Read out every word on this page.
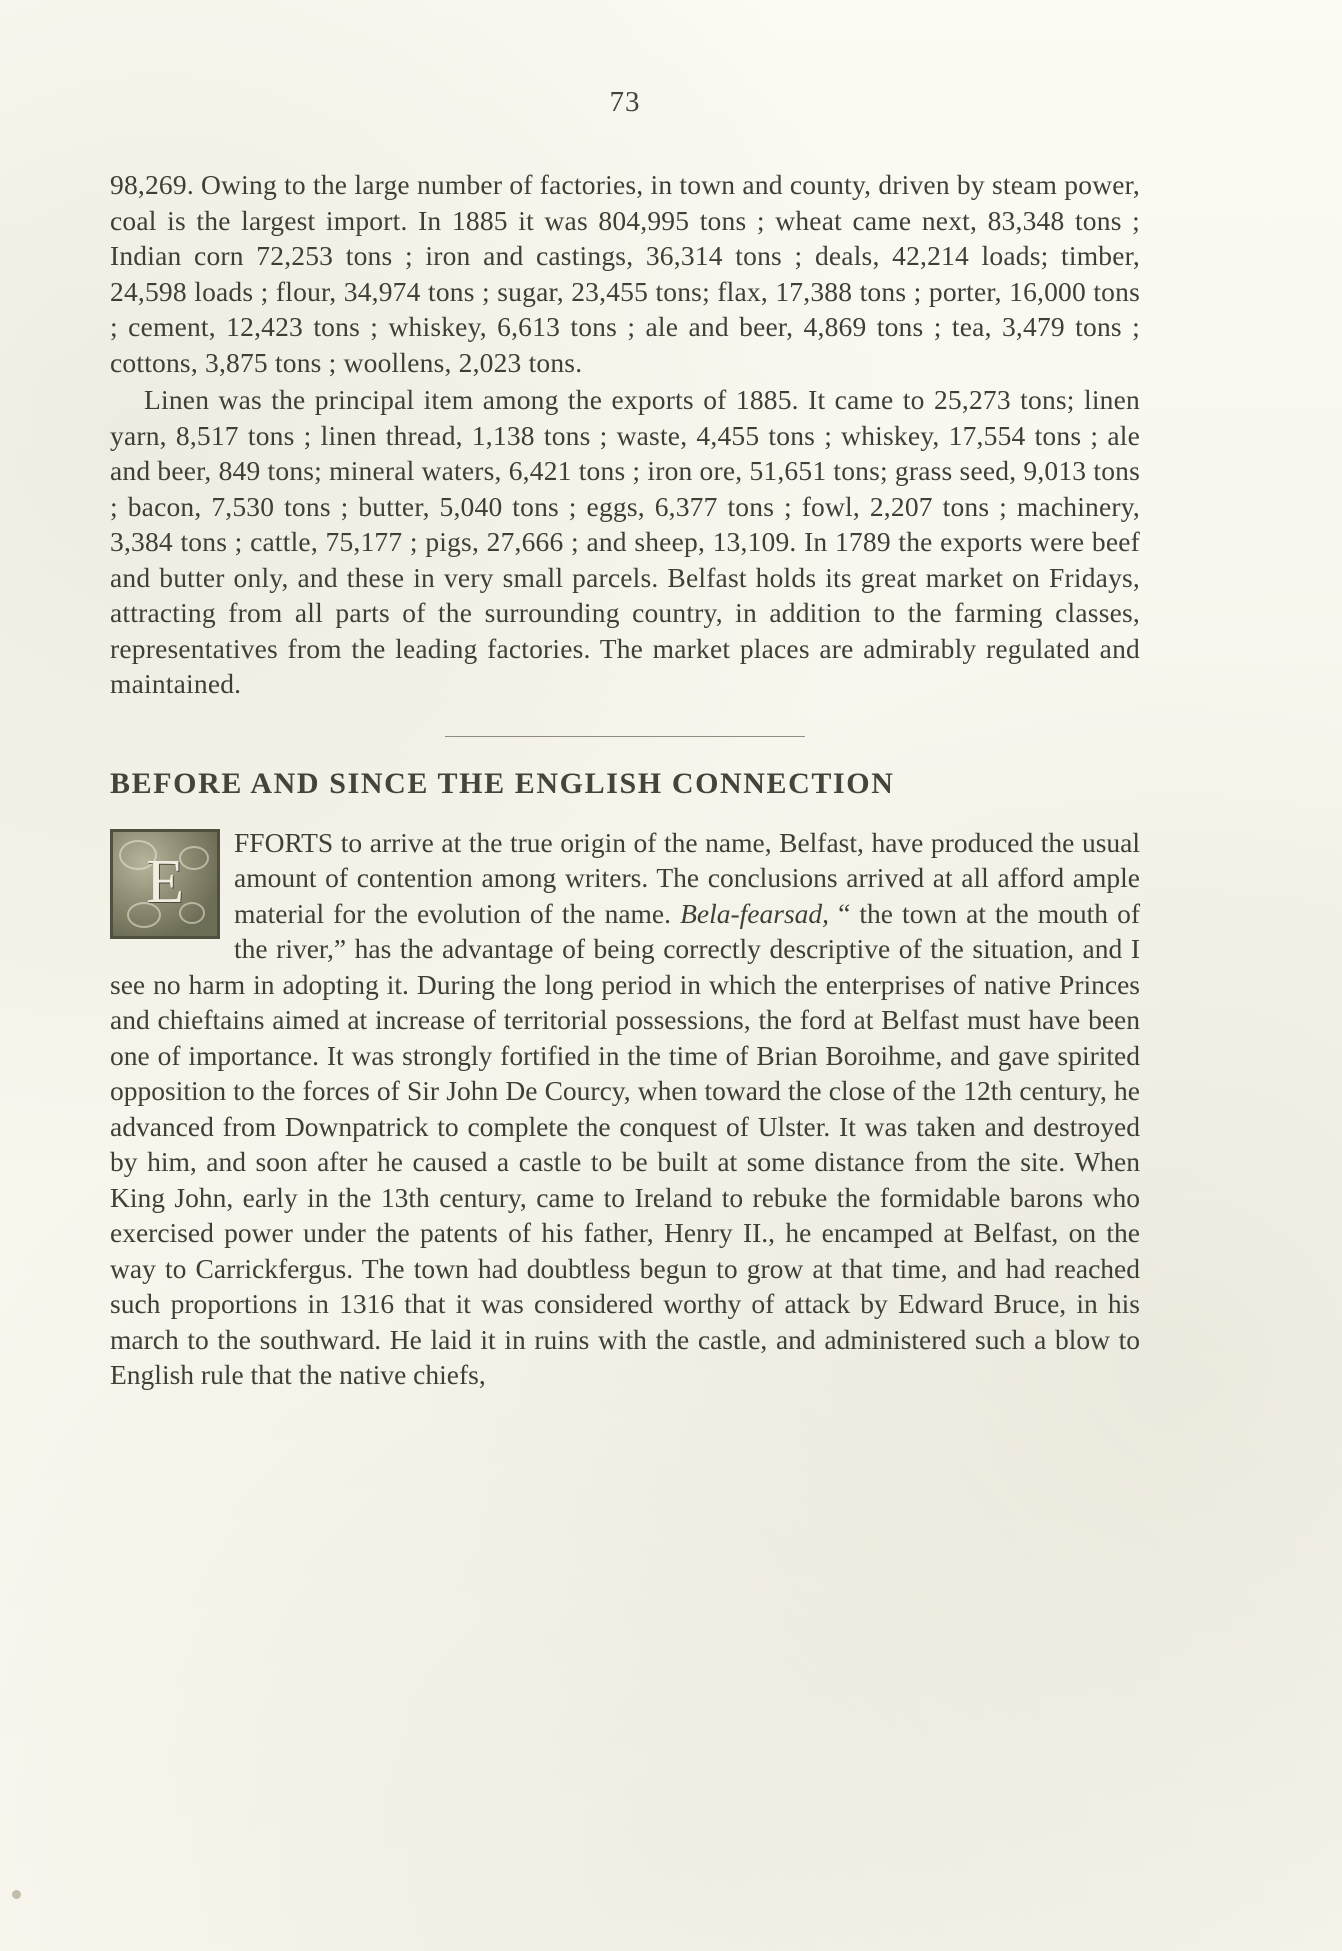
73

98,269. Owing to the large number of factories, in town and county, driven by steam power, coal is the largest import. In 1885 it was 804,995 tons ; wheat came next, 83,348 tons ; Indian corn 72,253 tons ; iron and castings, 36,314 tons ; deals, 42,214 loads; timber, 24,598 loads ; flour, 34,974 tons ; sugar, 23,455 tons; flax, 17,388 tons ; porter, 16,000 tons ; cement, 12,423 tons ; whiskey, 6,613 tons ; ale and beer, 4,869 tons ; tea, 3,479 tons ; cottons, 3,875 tons ; woollens, 2,023 tons.

Linen was the principal item among the exports of 1885. It came to 25,273 tons; linen yarn, 8,517 tons ; linen thread, 1,138 tons ; waste, 4,455 tons ; whiskey, 17,554 tons ; ale and beer, 849 tons; mineral waters, 6,421 tons ; iron ore, 51,651 tons; grass seed, 9,013 tons ; bacon, 7,530 tons ; butter, 5,040 tons ; eggs, 6,377 tons ; fowl, 2,207 tons ; machinery, 3,384 tons ; cattle, 75,177 ; pigs, 27,666 ; and sheep, 13,109. In 1789 the exports were beef and butter only, and these in very small parcels. Belfast holds its great market on Fridays, attracting from all parts of the surrounding country, in addition to the farming classes, representatives from the leading factories. The market places are admirably regulated and maintained.

BEFORE AND SINCE THE ENGLISH CONNECTION
E

FFORTS to arrive at the true origin of the name, Belfast, have produced the usual amount of contention among writers. The conclusions arrived at all afford ample material for the evolution of the name. Bela-fearsad, “ the town at the mouth of the river,” has the advantage of being correctly descriptive of the situation, and I see no harm in adopting it. During the long period in which the enterprises of native Princes and chieftains aimed at increase of territorial possessions, the ford at Belfast must have been one of importance. It was strongly fortified in the time of Brian Boroihme, and gave spirited opposition to the forces of Sir John De Courcy, when toward the close of the 12th century, he advanced from Downpatrick to complete the conquest of Ulster. It was taken and destroyed by him, and soon after he caused a castle to be built at some distance from the site. When King John, early in the 13th century, came to Ireland to rebuke the formidable barons who exercised power under the patents of his father, Henry II., he encamped at Belfast, on the way to Carrickfergus. The town had doubtless begun to grow at that time, and had reached such proportions in 1316 that it was considered worthy of attack by Edward Bruce, in his march to the southward. He laid it in ruins with the castle, and administered such a blow to English rule that the native chiefs,
